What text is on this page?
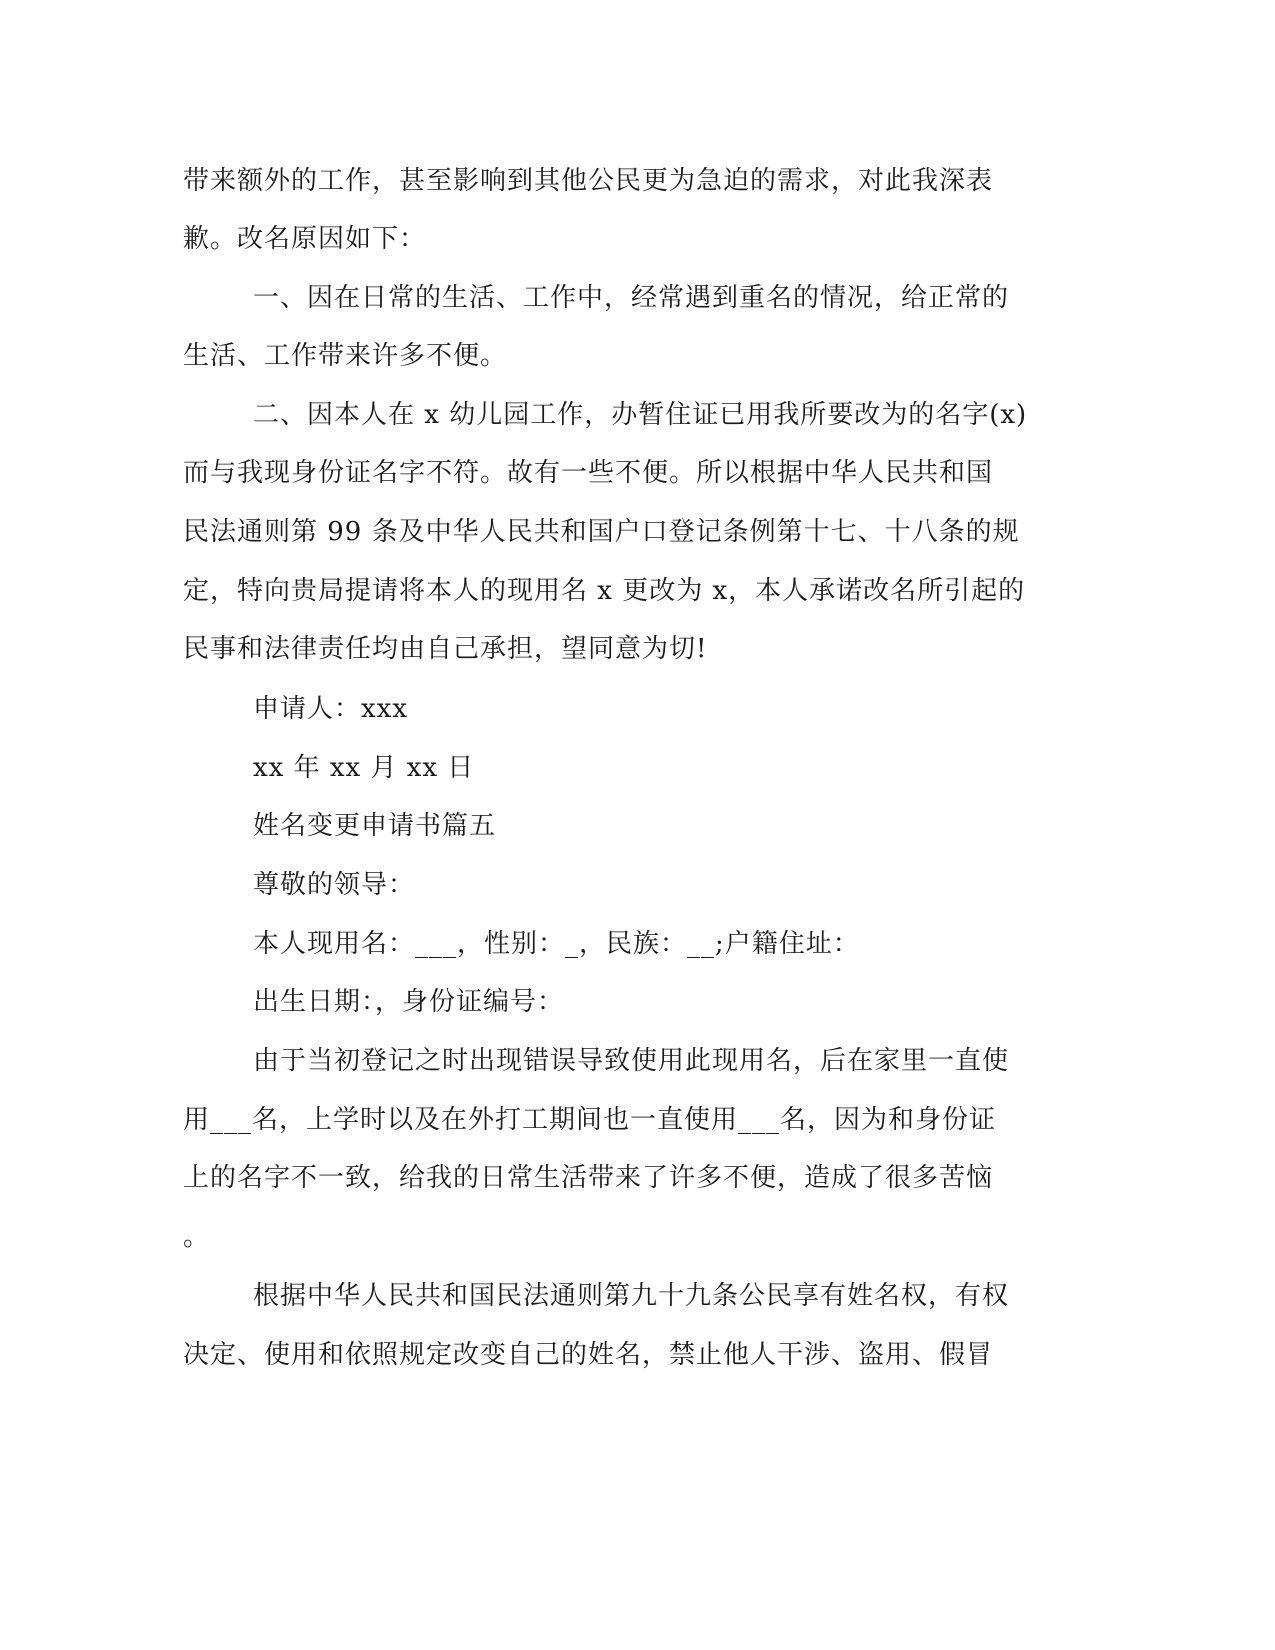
带来额外的工作，甚至影响到其他公民更为急迫的需求，对此我深表

歉。改名原因如下：

一、因在日常的生活、工作中，经常遇到重名的情况，给正常的

生活、工作带来许多不便。

二、因本人在 x 幼儿园工作，办暂住证已用我所要改为的名字(x)

而与我现身份证名字不符。故有一些不便。所以根据中华人民共和国

民法通则第 99 条及中华人民共和国户口登记条例第十七、十八条的规

定，特向贵局提请将本人的现用名 x 更改为 x，本人承诺改名所引起的

民事和法律责任均由自己承担，望同意为切!

申请人：xxx

xx 年 xx 月 xx 日

姓名变更申请书篇五

尊敬的领导：

本人现用名：___，性别：_，民族：__;户籍住址：

出生日期：，身份证编号：

由于当初登记之时出现错误导致使用此现用名，后在家里一直使

用___名，上学时以及在外打工期间也一直使用___名，因为和身份证

上的名字不一致，给我的日常生活带来了许多不便，造成了很多苦恼

。

根据中华人民共和国民法通则第九十九条公民享有姓名权，有权

决定、使用和依照规定改变自己的姓名，禁止他人干涉、盗用、假冒
